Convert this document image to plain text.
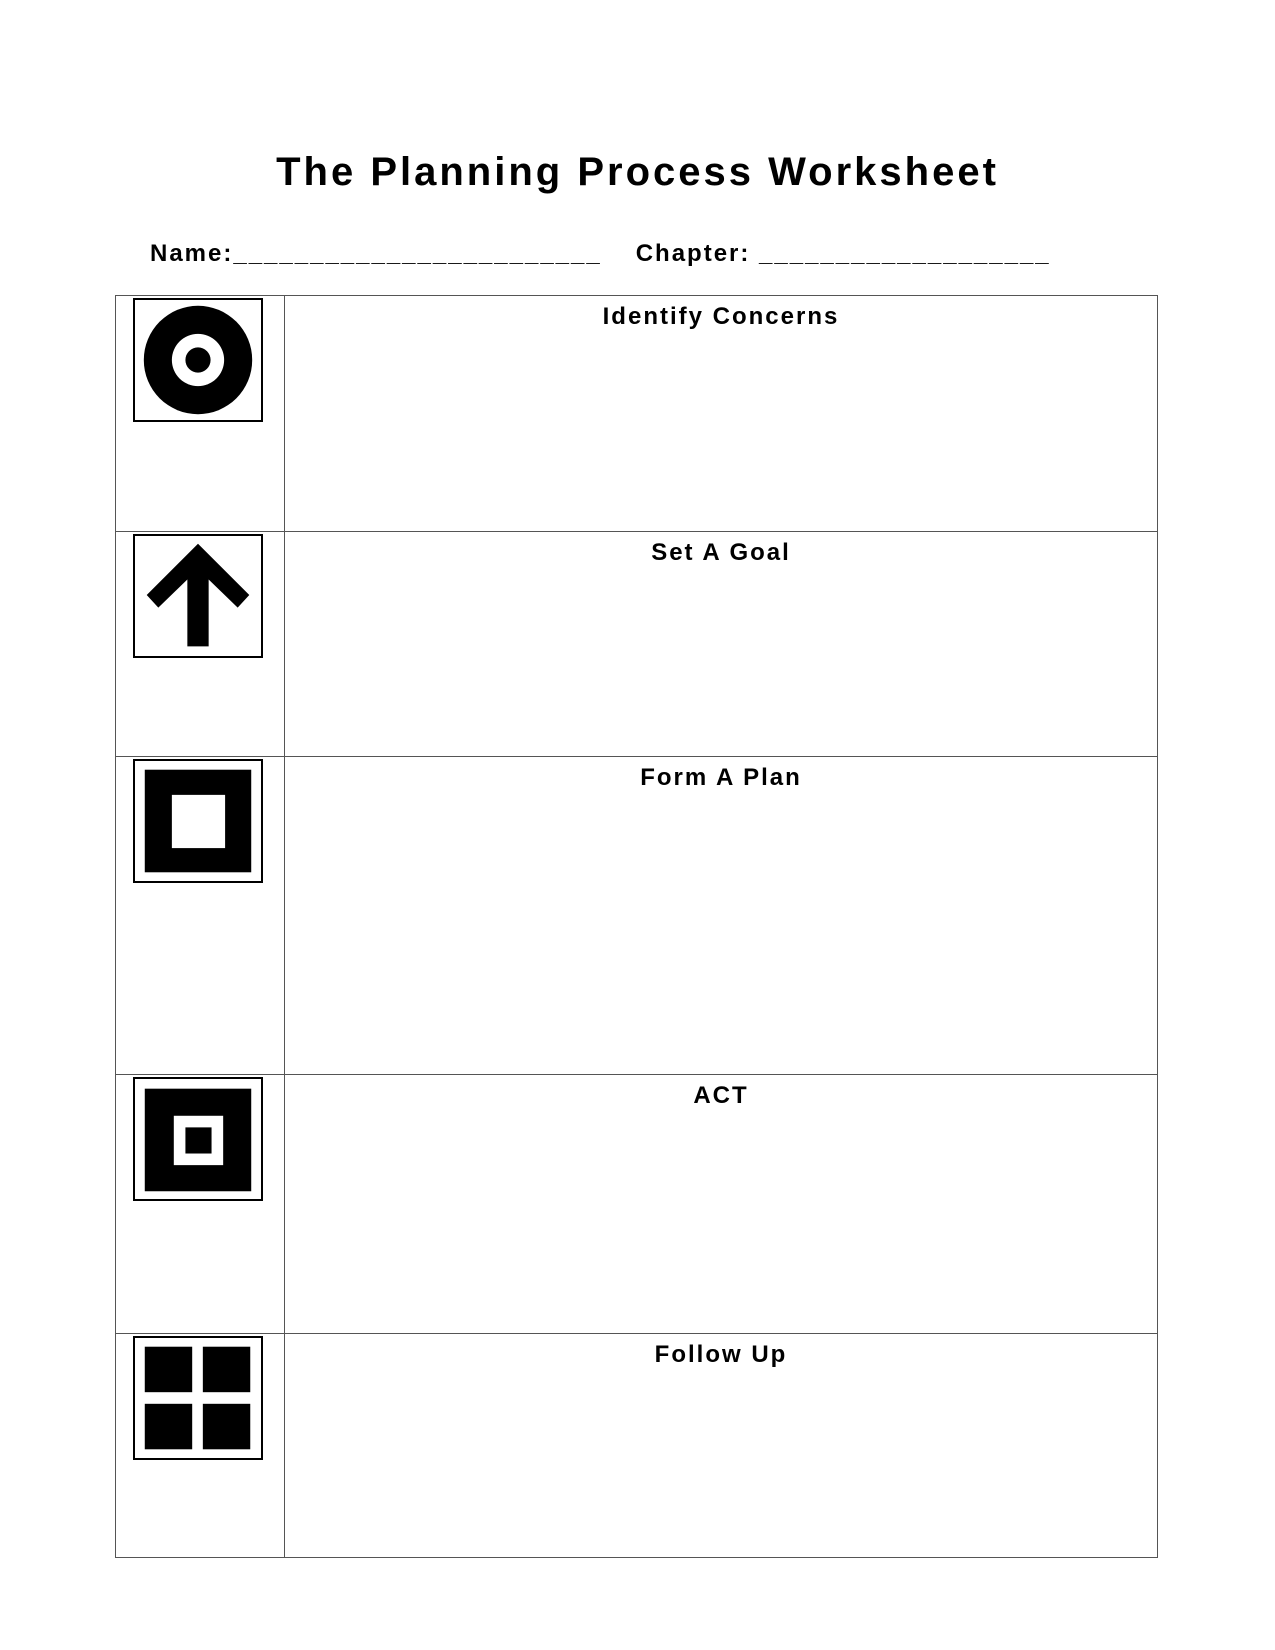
The Planning Process Worksheet
Name:________________________ Chapter: ___________________

Identify Concerns

Set A Goal

Form A Plan

ACT

Follow Up
